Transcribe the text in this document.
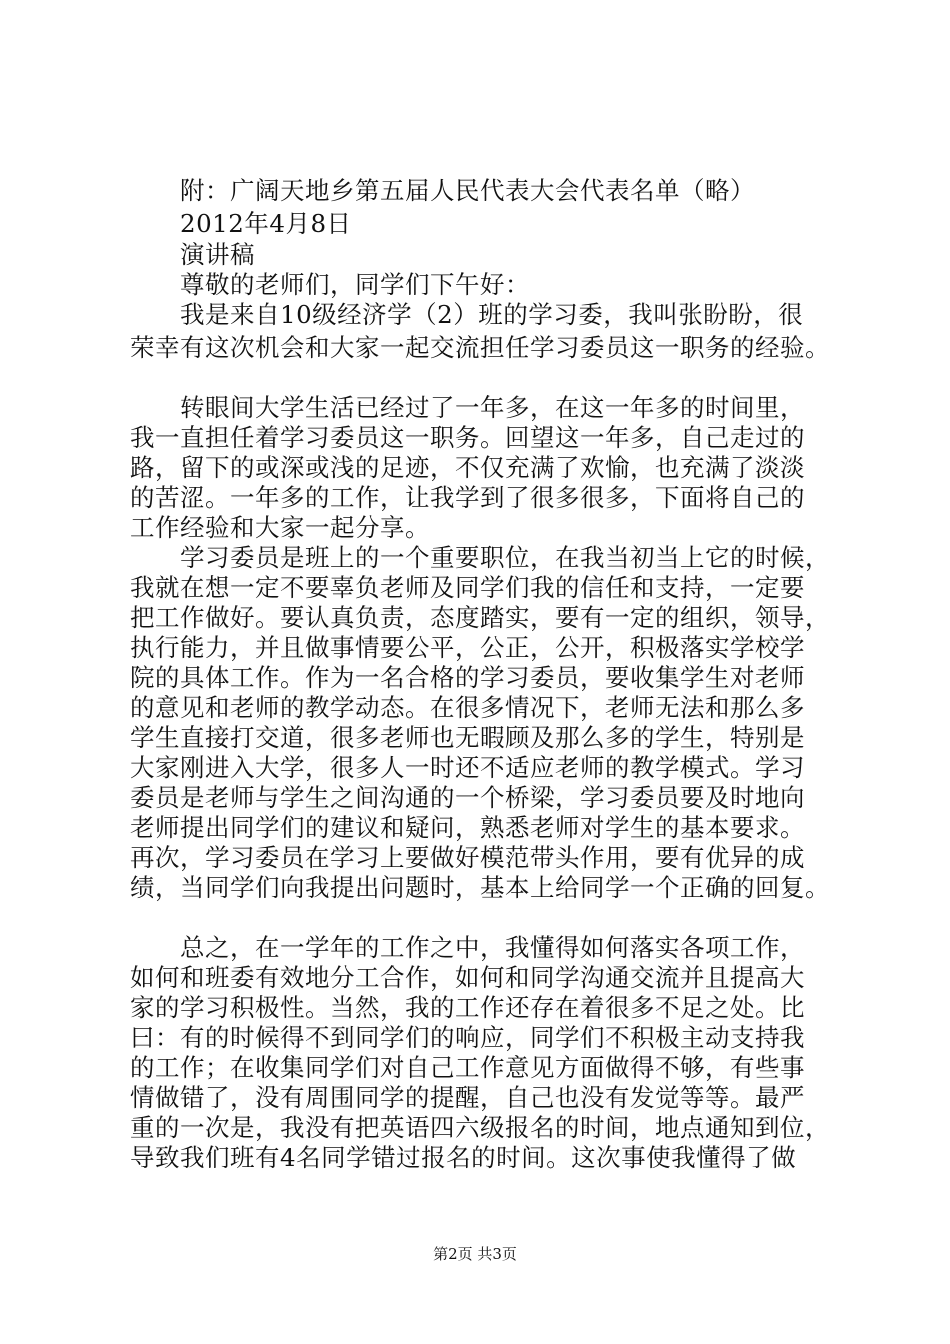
　　附：广阔天地乡第五届人民代表大会代表名单（略）
　　2012年4月8日
　　演讲稿
　　尊敬的老师们，同学们下午好：
　　我是来自10级经济学（2）班的学习委，我叫张盼盼，很
荣幸有这次机会和大家一起交流担任学习委员这一职务的经验。
　　转眼间大学生活已经过了一年多，在这一年多的时间里，
我一直担任着学习委员这一职务。回望这一年多，自己走过的
路，留下的或深或浅的足迹，不仅充满了欢愉，也充满了淡淡
的苦涩。一年多的工作，让我学到了很多很多，下面将自己的
工作经验和大家一起分享。
　　学习委员是班上的一个重要职位，在我当初当上它的时候，
我就在想一定不要辜负老师及同学们我的信任和支持，一定要
把工作做好。要认真负责，态度踏实，要有一定的组织，领导，
执行能力，并且做事情要公平，公正，公开，积极落实学校学
院的具体工作。作为一名合格的学习委员，要收集学生对老师
的意见和老师的教学动态。在很多情况下，老师无法和那么多
学生直接打交道，很多老师也无暇顾及那么多的学生，特别是
大家刚进入大学，很多人一时还不适应老师的教学模式。学习
委员是老师与学生之间沟通的一个桥梁，学习委员要及时地向
老师提出同学们的建议和疑问，熟悉老师对学生的基本要求。
再次，学习委员在学习上要做好模范带头作用，要有优异的成
绩，当同学们向我提出问题时，基本上给同学一个正确的回复。
　　总之，在一学年的工作之中，我懂得如何落实各项工作，
如何和班委有效地分工合作，如何和同学沟通交流并且提高大
家的学习积极性。当然，我的工作还存在着很多不足之处。比
曰：有的时候得不到同学们的响应，同学们不积极主动支持我
的工作；在收集同学们对自己工作意见方面做得不够，有些事
情做错了，没有周围同学的提醒，自己也没有发觉等等。最严
重的一次是，我没有把英语四六级报名的时间，地点通知到位，
导致我们班有4名同学错过报名的时间。这次事使我懂得了做
第2页 共3页
